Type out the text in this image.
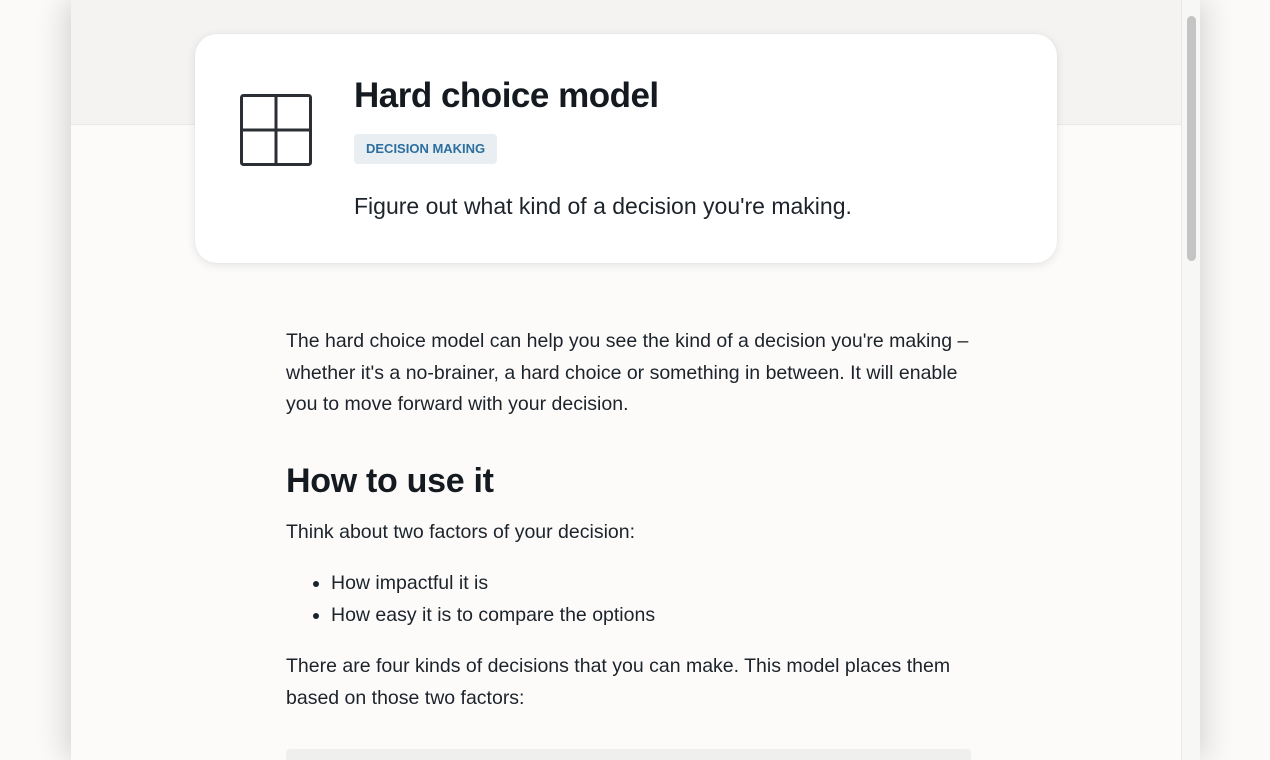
Hard choice model
DECISION MAKING

Figure out what kind of a decision you're making.

The hard choice model can help you see the kind of a decision you're making – whether it's a no-brainer, a hard choice or something in between. It will enable you to move forward with your decision.

How to use it

Think about two factors of your decision:

• How impactful it is
• How easy it is to compare the options

There are four kinds of decisions that you can make. This model places them based on those two factors:
